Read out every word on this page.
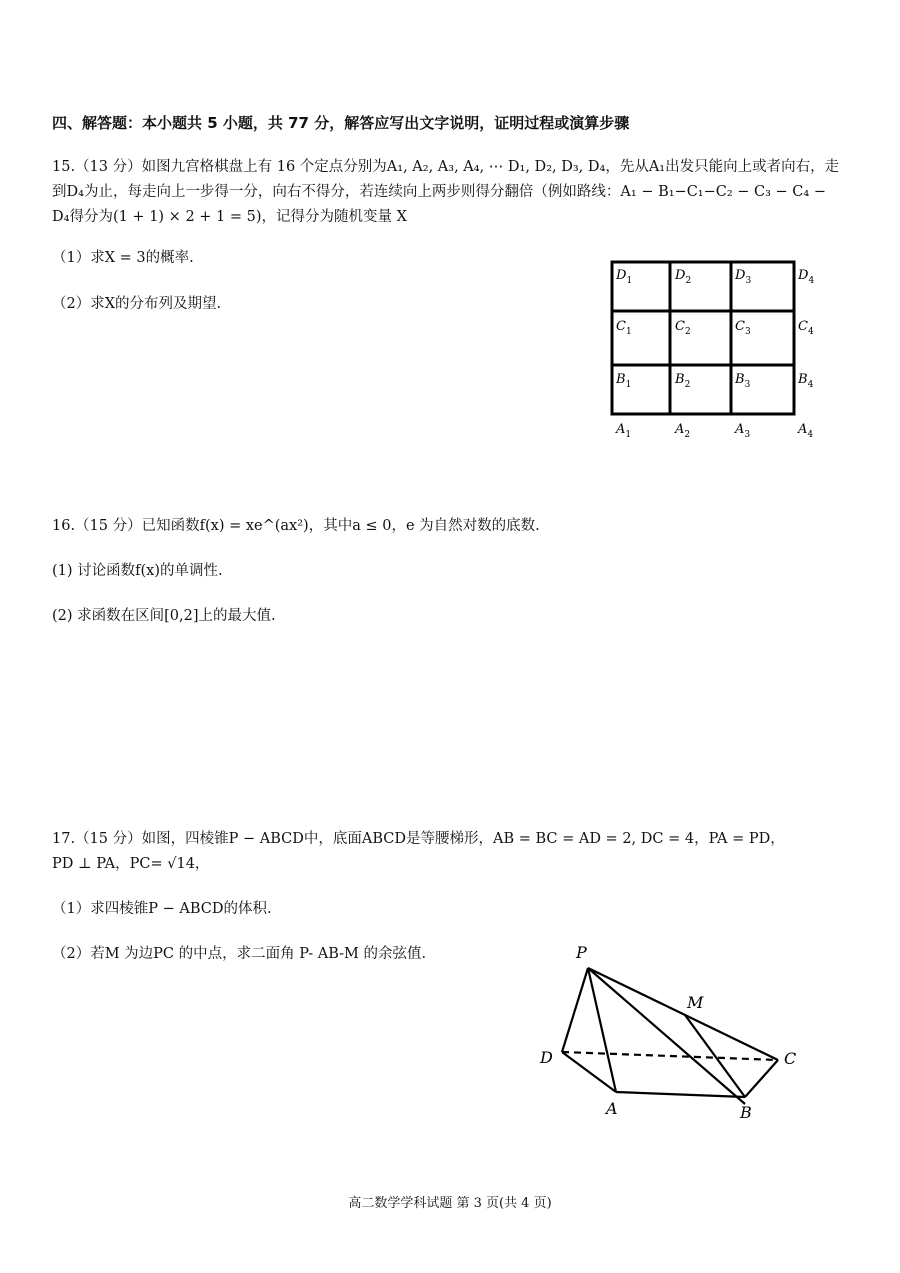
四、解答题：本小题共 5 小题，共 77 分，解答应写出文字说明，证明过程或演算步骤
15.（13 分）如图九宫格棋盘上有 16 个定点分别为A₁, A₂, A₃, A₄, ⋯ D₁, D₂, D₃, D₄，先从A₁出发只能向上或者向右，走
到D₄为止，每走向上一步得一分，向右不得分，若连续向上两步则得分翻倍（例如路线：A₁ − B₁−C₁−C₂ − C₃ − C₄ −
D₄得分为(1 + 1) × 2 + 1 = 5)，记得分为随机变量 X
（1）求X = 3的概率.
（2）求X的分布列及期望.
$D_1$	$D_2$	$D_3$	$D_4$
$C_1$	$C_2$	$C_3$	$C_4$
$B_1$	$B_2$	$B_3$	$B_4$
$A_1$	$A_2$	$A_3$	$A_4$
16.（15 分）已知函数f(x) = xe^(ax²)，其中a ≤ 0，e 为自然对数的底数.
(1) 讨论函数f(x)的单调性.
(2) 求函数在区间[0,2]上的最大值.
17.（15 分）如图，四棱锥P − ABCD中，底面ABCD是等腰梯形，AB = BC = AD = 2, DC = 4，PA = PD，
PD ⊥ PA，PC= √14，
（1）求四棱锥P − ABCD的体积.
（2）若M 为边PC 的中点，求二面角 P- AB-M 的余弦值.	P
M
D	C
A	B
高二数学学科试题 第 3 页(共 4 页)
